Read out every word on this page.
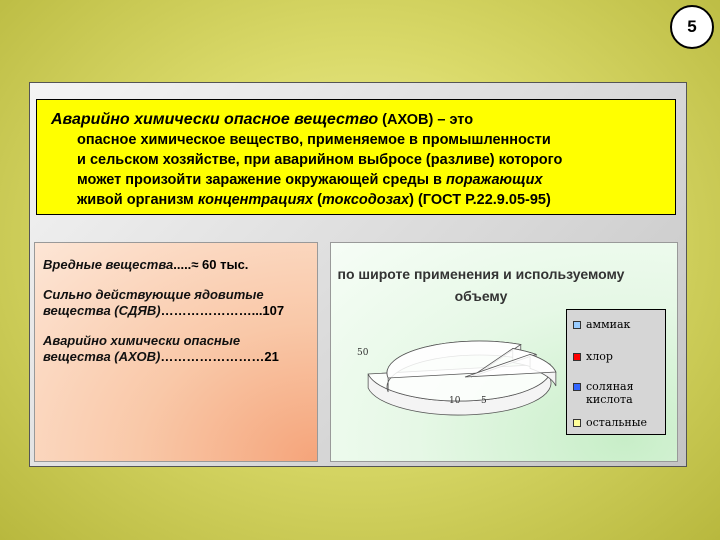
5
Аварийно химически опасное вещество (АХОВ) – это
опасное химическое вещество, применяемое в промышленности
и сельском хозяйстве, при аварийном выбросе (разливе) которого
может произойти заражение окружающей среды в поражающих
живой организм концентрациях (токсодозах) (ГОСТ Р.22.9.05-95)
Вредные вещества.....≈ 60 тыс.
Сильно действующие ядовитые вещества (СДЯВ)…………………...107
Аварийно химически опасные вещества (АХОВ)……………………21
по широте применения и используемому объему
50
5
10
аммиак
хлор
соляная кислота
остальные
